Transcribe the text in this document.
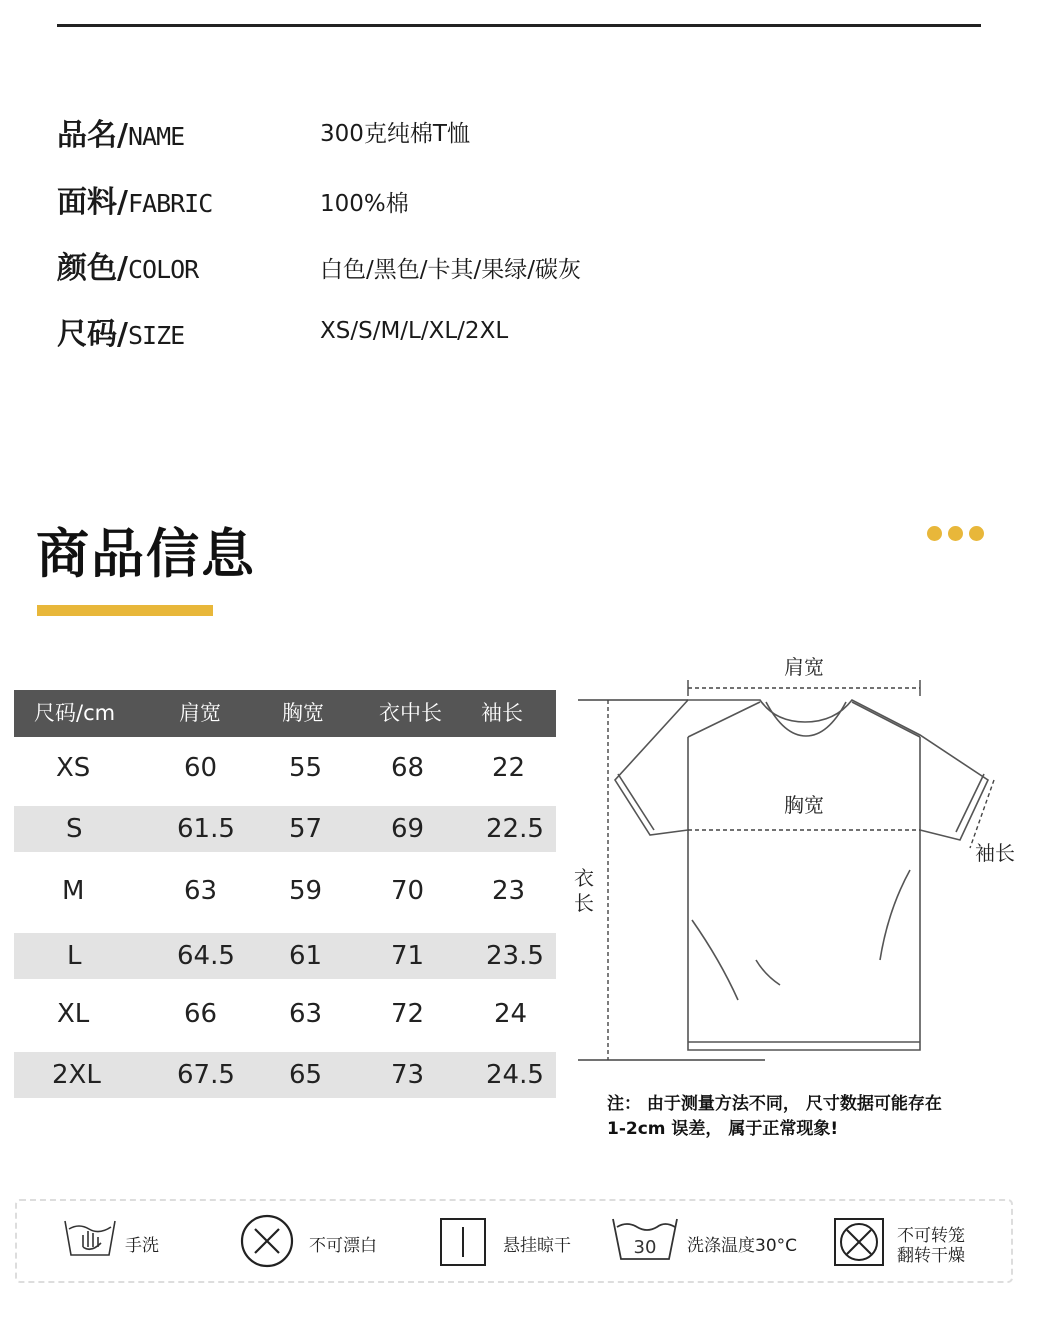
品名/NAME	300克纯棉T恤
面料/FABRIC	100%棉
颜色/COLOR	白色/黑色/卡其/果绿/碳灰
尺码/SIZE	XS/S/M/L/XL/2XL
商品信息
尺码/cm	肩宽	胸宽	衣中长 袖长
XS	60	55	68	22
S	61.5 57	69 22.5
M	63	59	70	23
L	64.5 61	71 23.5
XL	66	63	72	24
2XL	67.5 65	73 24.5
肩宽
胸宽
袖长
衣
长
注： 由于测量方法不同， 尺寸数据可能存在
1-2cm 误差， 属于正常现象!
手洗	不可漂白	悬挂晾干	30 洗涤温度30°C	不可转笼
翻转干燥
